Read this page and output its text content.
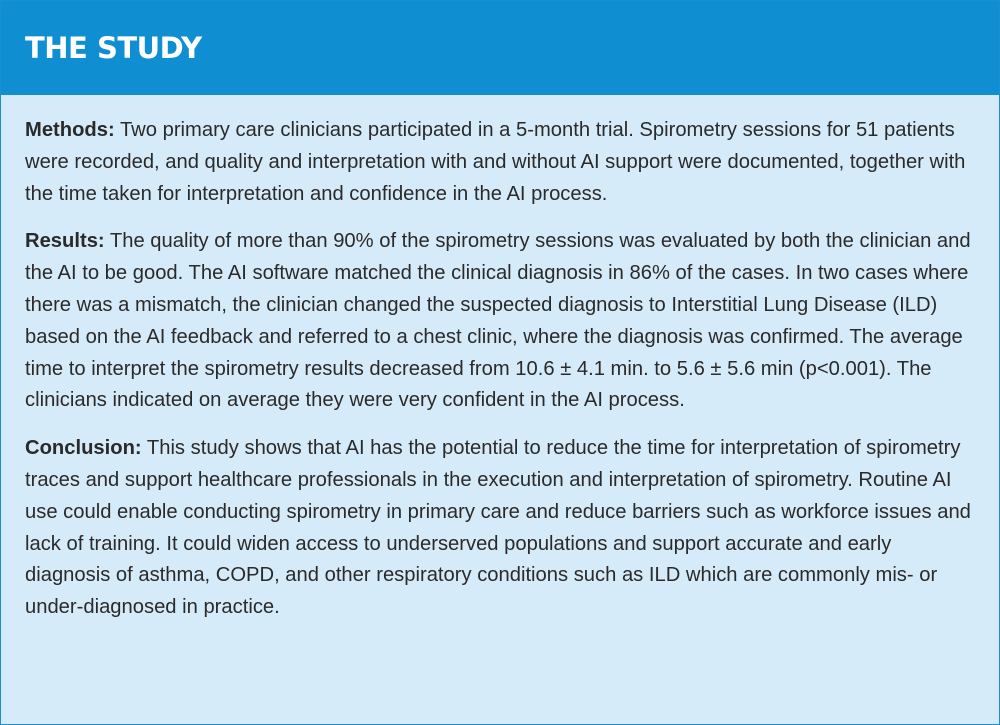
THE STUDY

Methods: Two primary care clinicians participated in a 5-month trial. Spirometry sessions for 51 patients were recorded, and quality and interpretation with and without AI support were documented, together with the time taken for interpretation and confidence in the AI process.

Results: The quality of more than 90% of the spirometry sessions was evaluated by both the clinician and the AI to be good. The AI software matched the clinical diagnosis in 86% of the cases. In two cases where there was a mismatch, the clinician changed the suspected diagnosis to Interstitial Lung Disease (ILD) based on the AI feedback and referred to a chest clinic, where the diagnosis was confirmed. The average time to interpret the spirometry results decreased from 10.6 ± 4.1 min. to 5.6 ± 5.6 min (p<0.001). The clinicians indicated on average they were very confident in the AI process.

Conclusion: This study shows that AI has the potential to reduce the time for interpretation of spirometry traces and support healthcare professionals in the execution and interpretation of spirometry. Routine AI use could enable conducting spirometry in primary care and reduce barriers such as workforce issues and lack of training. It could widen access to underserved populations and support accurate and early diagnosis of asthma, COPD, and other respiratory conditions such as ILD which are commonly mis- or under-diagnosed in practice.
